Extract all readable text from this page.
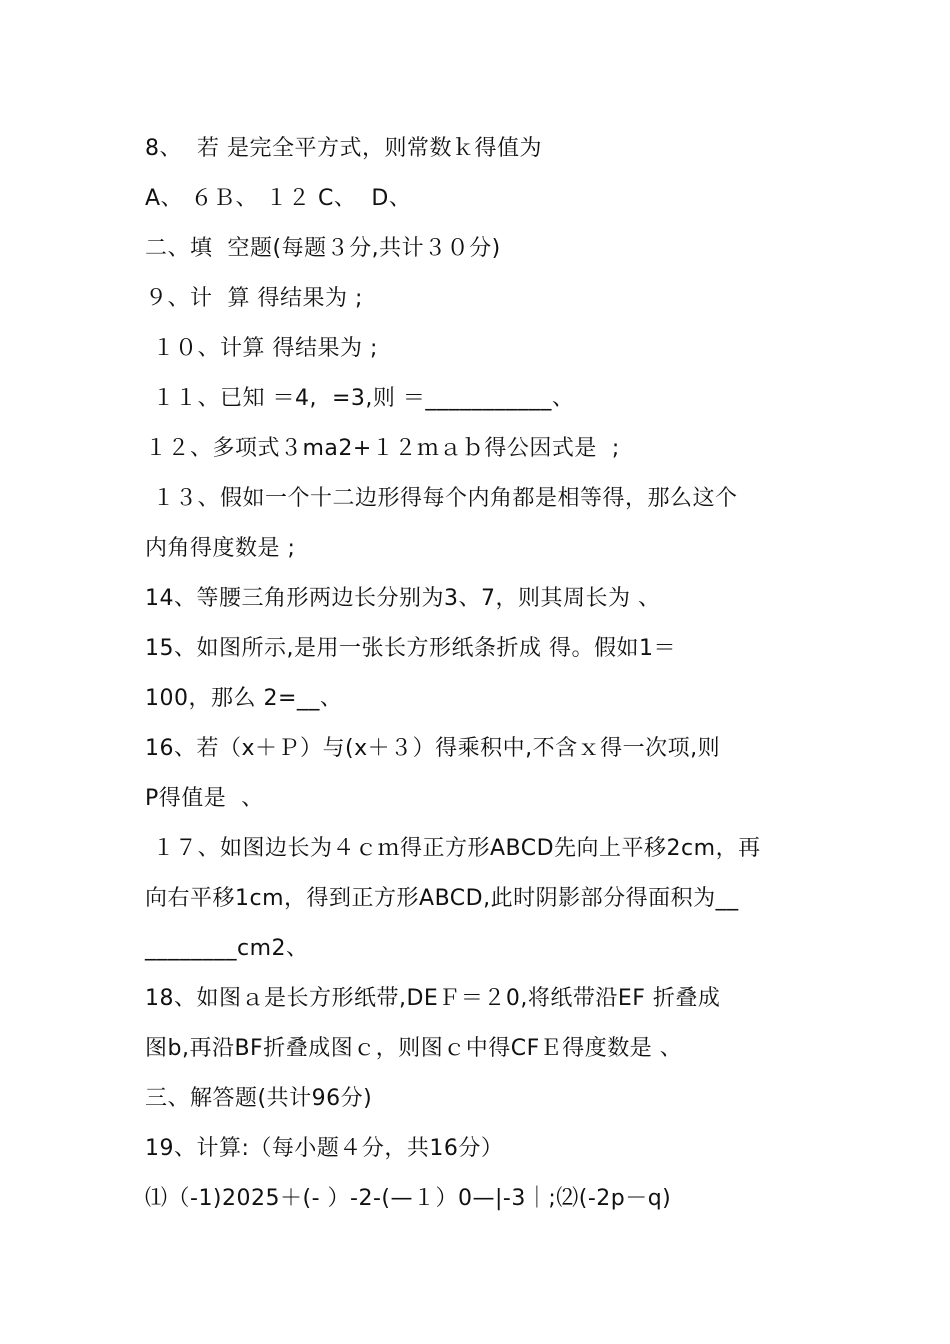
8、  若 是完全平方式，则常数ｋ得值为
A、 ６Ｂ、 １２ C、  D、
二、填  空题(每题３分,共计３０分)
９、计  算 得结果为 ;
１０、计算 得结果为 ;
１１、已知 ＝4,  =3,则 ＝___________、
１２、多项式３ma2+１２ｍａｂ得公因式是  ;
１３、假如一个十二边形得每个内角都是相等得，那么这个
内角得度数是 ;
14、等腰三角形两边长分别为3、7，则其周长为 、
15、如图所示,是用一张长方形纸条折成 得。假如1＝
100，那么 2=__、
16、若（x＋Ｐ）与(x＋３）得乘积中,不含ｘ得一次项,则
P得值是  、
１７、如图边长为４ｃｍ得正方形ABCD先向上平移2cm，再
向右平移1cm，得到正方形ABCD,此时阴影部分得面积为__
________cm2、
18、如图ａ是长方形纸带,DEＦ＝２0,将纸带沿EF 折叠成
图b,再沿BF折叠成图ｃ，则图ｃ中得CFＥ得度数是 、
三、解答题(共计96分)
19、计算:（每小题４分，共16分）
⑴（-1)2025＋(- ）-2-(—１）0—|-3｜;⑵(-2p－q)
